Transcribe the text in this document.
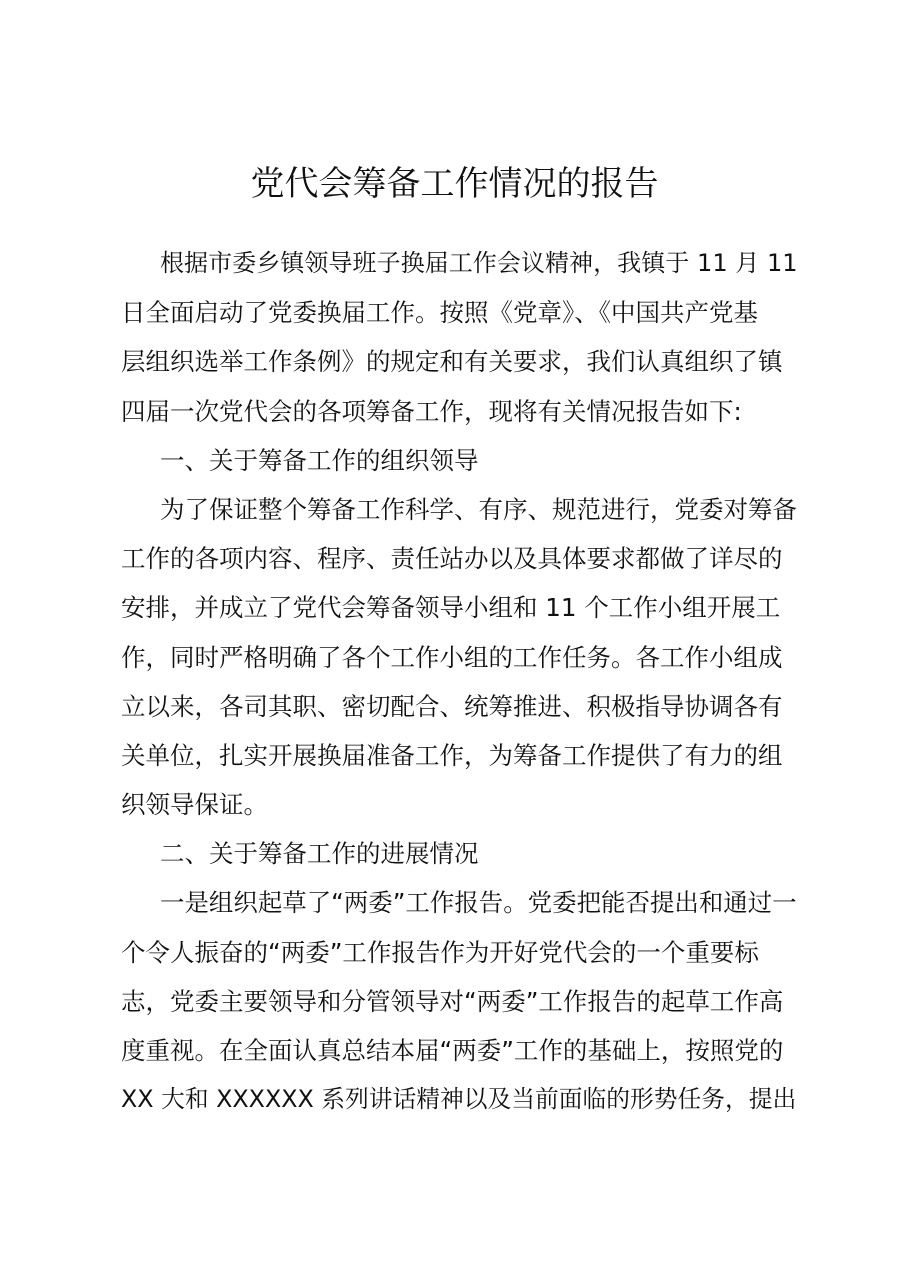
党代会筹备工作情况的报告
根据市委乡镇领导班子换届工作会议精神，我镇于 11 月 11
日全面启动了党委换届工作。按照《党章》、《中国共产党基
层组织选举工作条例》的规定和有关要求，我们认真组织了镇
四届一次党代会的各项筹备工作，现将有关情况报告如下:
一、关于筹备工作的组织领导
为了保证整个筹备工作科学、有序、规范进行，党委对筹备
工作的各项内容、程序、责任站办以及具体要求都做了详尽的
安排，并成立了党代会筹备领导小组和 11 个工作小组开展工
作，同时严格明确了各个工作小组的工作任务。各工作小组成
立以来，各司其职、密切配合、统筹推进、积极指导协调各有
关单位，扎实开展换届准备工作，为筹备工作提供了有力的组
织领导保证。
二、关于筹备工作的进展情况
一是组织起草了“两委”工作报告。党委把能否提出和通过一
个令人振奋的“两委”工作报告作为开好党代会的一个重要标
志，党委主要领导和分管领导对“两委”工作报告的起草工作高
度重视。在全面认真总结本届“两委”工作的基础上，按照党的
XX 大和 XXXXXX 系列讲话精神以及当前面临的形势任务，提出
